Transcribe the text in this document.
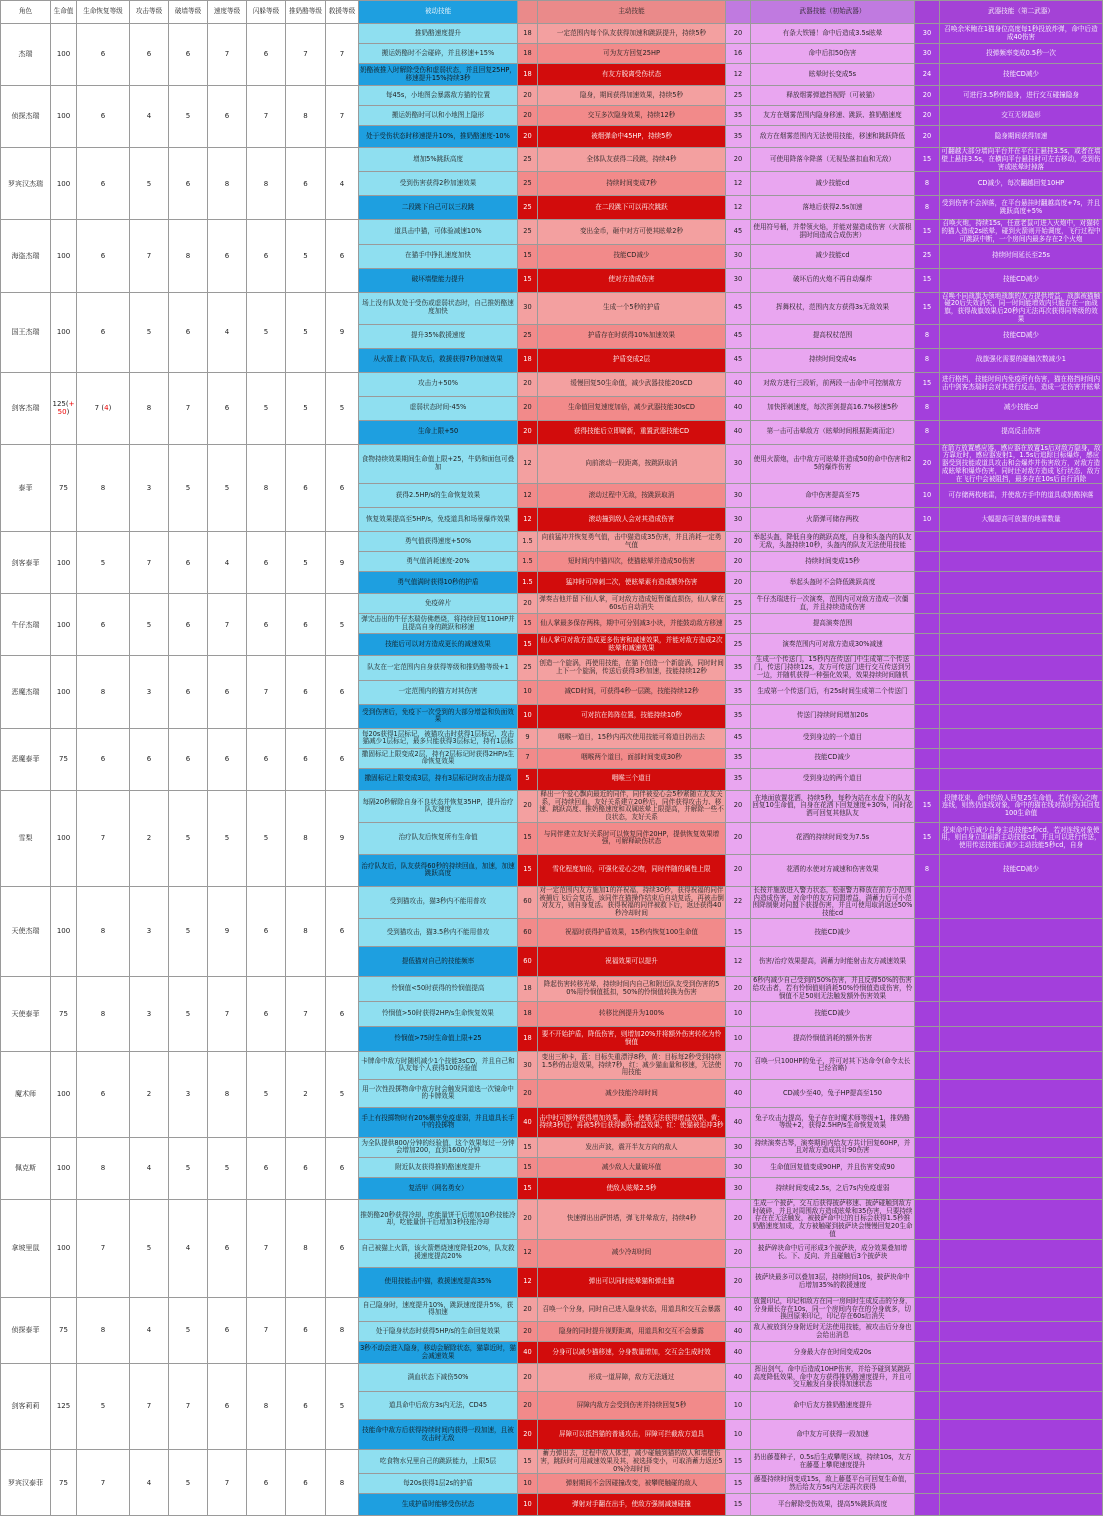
角色	生命值	生命恢复等级	攻击等级	破墙等级	速度等级	闪躲等级	推奶酪等级	救援等级	被动技能		主动技能		武器技能（初始武器）		武器技能（第二武器）
杰瑞	100	6	6	6	7	6	7	7	推奶酪速度提升	18	一定范围内每个队友获得加速和跳跃提升，持续5秒	20	有条大铁锤！命中后造成3.5s眩晕	30	召唤余米鲍在1猫身位高度每1秒投放炸弹，命中后造成40伤害
									搬运奶酪时不会碰碎，并且移速+15%	18	可为友方回复25HP	16	命中后扣50伤害	30	投弹频率变成0.5秒一次
									奶酪被推入时解除受伤和虚弱状态，并且回复25HP，移速提升15%持续3秒	18	有友方脱离受伤状态	12	眩晕时长变成5s	24	技能CD减少
侦探杰瑞	100	6	4	5	6	7	8	7	每45s，小地图会暴露敌方猫的位置	20	隐身，期间获得加速效果，持续5秒	25	释放烟雾弹遮挡视野（可被猫）	20	可进行3.5秒的隐身，进行交互碰撞隐身
									搬运奶酪时可以和小地图上隐形	20	交互多次隐身效果，持续12秒	35	友方在烟雾范围内隐身移速、跳跃、推奶酪速度	20	交互无视隐形
									处于受伤状态时移速提升10%，推奶酪速度-10%	20	被烟弹命中45HP，持续5秒	35	敌方在烟雾范围内无法使用技能，移速和跳跃降低	20	隐身期间获得加速
罗宾汉杰瑞	100	6	5	6	8	8	6	4	增加5%跳跃高度	25	全体队友获得二段跳，持续4秒	20	可使用降落伞降落（无视坠落扣血和无敌）	15	可翻越大部分墙向平台并在平台上悬挂3.5s，或者在墙壁上悬挂3.5s，在横向平台悬挂时可左右移动，受到伤害或眩晕时掉落
									受到伤害获得2秒加速效果	25	持续时间变成7秒	12	减少技能cd	8	CD减少，每次翻越回复10HP
									二段跳下自己可以三段跳	25	在二段跳下可以再次跳跃	12	落地后获得2.5s加速	8	受到伤害不会掉落，在平台悬挂时翻越高度+7s，并且跳跃高度+5%
海盗杰瑞	100	6	7	8	6	6	5	6	道具击中猫，可体验减速10%	25	变出金币，砸中对方可使其眩晕2秒	45	使用符号桶，并带领火焰，并能对猫造成伤害（火箭根据时间造成合成伤害）	15	召唤火炮，持续15s，任意老鼠可进入火炮中，对猫转的猫人造成2s眩晕，碰到火箭则开始调度，飞行过程中可跳跃中断，一个房间内最多存在2个火炮
									在猫手中挣扎速度加快	15	技能CD减少	30	减少技能cd	25	持续时间延长至25s
									破坏墙壁能力提升	15	使对方造成伤害	30	破坏后的火炮不再自动爆炸	15	技能CD减少
国王杰瑞	100	6	5	6	4	5	5	9	场上没有队友处于受伤或虚弱状态时，自己推奶酪速度加快	30	生成一个5秒的护盾	45	挥舞权杖，范围内友方获得3s无敌效果	15	召唤不同战旗为领地战旗的友方提供增益，战旗被猫触碰20后失效消失，同一时间能增效内只能存在一面战旗，获得战旗效果后20秒内无法再次获得同等级的效果
									提升35%救援速度	25	护盾存在时获得10%加速效果	45	提高权杖范围	8	技能CD减少
									从火箭上救下队友后，救援获得7秒加速效果	18	护盾变成2层	45	持续时间变成4s	8	战旗强化需要的碰触次数减少1
剑客杰瑞	125(+50)	7 (4)	8	7	6	5	5	5	攻击力+50%	20	缓慢回复50生命值，减少武器技能20sCD	40	对敌方进行三段斩，前两段一击命中可控制敌方	15	进行格挡，技能时间内免疫所有伤害，猫在格挡时间内击中剑客杰瑞时会对其进行反击，造成一定伤害并眩晕
									虚弱状态时间-45%	20	生命值回复速度加倍，减少武器技能30sCD	40	加快挥刺速度，每次挥剑提高16.7%移速5秒	8	减少技能cd
									生命上限+50	20	获得技能后立即刷新，重置武器技能CD	40	第一击可击晕敌方（眩晕时间根据距离而定）	8	提高反击伤害
泰菲	75	8	3	5	5	8	6	6	食物持续效果期间生命值上限+25，牛奶和面包可叠加	12	向前滚动一段距离，按跳跃取消	30	使用火箭炮，击中敌方可眩晕并造成50的命中伤害和25的爆炸伤害	20	在箭方放置感应器，感应器在放置1s后对敌方隐身，敌方靠近时，感应器发射1，1.5s后追踪目标爆炸，感应器受到技能或道具攻击和会爆炸并伤害敌方，对敌方造成眩晕和爆炸伤害，同时还对敌方造成飞行状态，敌方在飞行中会被阻挡，最多存在10s后自行消除
									获得2.5HP/s的生命恢复效果	12	滚动过程中无敌，按跳跃取消	30	命中伤害提高至75	10	可存储两枚地雷，并使敌方手中的道具或奶酪掉落
									恢复效果提高至5HP/s，免疫道具和场景爆炸效果	12	滚动撞到敌人会对其造成伤害	30	火箭弹可储存两枚	10	大幅提高可放置的地雷数量
剑客泰菲	100	5	7	6	4	6	5	9	勇气值获得速度+50%	1.5	向前猛冲并恢复勇气值，击中猫造成35伤害，并且消耗一定勇气值	20	举起头盔，降低自身的跳跃高度，自身和头盔内的队友无敌，头盔持续10秒，头盔内的队友无法使用技能		
									勇气值消耗速度-20%	1.5	短时间内中猫四次，使猫眩晕并造成50伤害	20	持续时间变成15秒		
									勇气值满时获得10秒的护盾	1.5	猛冲时可冲刺二次，使眩晕素有造成额外伤害	20	举起头盔时不会降低跳跃高度		
牛仔杰瑞	100	6	5	6	7	6	6	5	免疫碎片	20	弹奏吉他并留下仙人掌，可对敌方造成短暂僵直损伤，仙人掌在60s后自动消失	25	牛仔杰瑞进行一次演奏，范围内可对敌方造成一次僵直，并且持续造成伤害		
									弹完击出的牛仔杰瑞仿佛燃烧，将持续回复110HP并且提高自身的跳跃和移速	15	仙人掌最多保存两株，期中可分别减3小块，并能鼓动敌方移速	25	提高演奏范围		
									技能后可以对方造成更长的减速效果	15	仙人掌可对敌方造成更多伤害和减速效果，并能对敌方造成2次眩晕和减速效果	25	演奏范围内可对敌方造成30%减速		
恶魔杰瑞	100	8	3	6	6	7	6	6	队友在一定范围内自身获得等级和推奶酪等级+1	25	创造一个旋涡，再使用技能，在猫下创造一个新旋涡，同时时间上下一个旋涡，传送后获得3秒加速，技能持续12秒	35	生成一个传送门，15秒内在传送门中生成第二个传送门，传送门持续12s，友方可传送门进行交互传送到另一边，并随机获得一种强化效果，效果持续时间随机		
									一定范围内的猫方对其伤害	10	减CD时间，可获得4秒一层跳，技能持续12秒	35	生成第一个传送门后，有25s时间生成第二个传送门		
									受到伤害后，免疫下一次受到的大部分增益和负面效果	10	可对抗在阵阵位置，技能持续10秒	35	传送门持续时间增加20s		
恶魔泰菲	75	6	6	6	6	6	6	6	每20s获得1层标记，被猫攻击时获得1层标记，攻击猫减少1层标记，最多只能获得3层标记，持有1层标	9	咽喉一道目，15秒内再次使用技能可将道目扔出去	45	受到身边的一个道目		
									撒固标记上限变成2层，持有2层标记时获得2HP/s生命恢复效果	7	咽喉两个道目，面部时间变成30秒	35	技能CD减少		
									撒固标记上限变成3层，持有3层标记时攻击力提高	5	咽喉三个道目	35	受到身边的两个道目		
雪梨	100	7	2	5	5	5	8	9	每隔20秒解除自身不良状态并恢复35HP，提升治疗队友速度	20	释出一个爱心飘向最近的同伴，同伴被爱心会5秒紧随立友友关系，可持续回血，友好关系建立20秒后，同伴获得攻击力、移速、跳跃高度、推奶酪速度和双属眩晕上限提高，并解除一些不良状态，友好关系	20	在地面放置花洒，持续5秒，每秒为站在水盘下的队友回复10生命值，自身在花洒下回复速度+30%，同时花洒可回复其他队友	15	投牌花束，命中的敌人回复25生命值，若有爱心之吻连线，则然仍连线对象，命中的猫在线对敌时为其回复100生命值
									治疗队友后恢复所有生命值	15	与同伴建立友好关系时可以恢复同伴20HP，提供恢复效果增强，可解释缺伤状态	20	花洒的持续时间变为7.5s	15	花束命中后减少自身主动技能5秒cd，若对连线对象使用，则自身立即刷新主动技能cd，并且可以进行传送，使用传送技能后减少主动技能5秒cd，自身
									治疗队友后，队友获得60秒的持续回血，加速，加速跳跃高度	15	雪化程度加倍，可强化爱心之吻，同时伴随的属性上限	20	花洒的水使对方减速和伤害效果	8	技能CD减少
天使杰瑞	100	8	3	5	9	6	8	6	受到猫攻击，猫3秒内不能用普攻	60	对一定范围内友方施加1的祥祝福，持续30秒，获得祝福的同伴被捕后飞后会复活，该同伴在猫操作结束后自动复活，再被击倒对友方，则自身复活。获得祝福的同伴被救下后，返还获得40秒冷却时间	22	长按并施放进入警力状态，松驱警力释放在前方小范围内造成伤害，对命中的友方同盟增益，满蓄力后可小范围降制聚对同盟下获提伤害，并且可使用取消返还50%技能cd		
									受到猫攻击，猫3.5秒内不能用普攻	60	祝福时获得护盾效果，15秒内恢复100生命值	15	技能CD减少		
									提低猫对自己的技能频率	60	祝福效果可以提升	12	伤害/治疗效果提高，满蓄力时能射击友方减速效果		
天使泰菲	75	8	3	5	7	6	7	6	怜悯值<50时获得的怜悯值提高	18	降起伤害转移光晕，持续时间内自己和附近队友受到伤害的50%用怜悯值抵扣，50%的怜悯值转换为伤害	20	6秒内减少自己受到的50%伤害，并且反弹50%的伤害给攻击者，若有怜悯值则消耗50%怜悯值造成伤害，怜悯值不足50则无法触发额外伤害效果		
									怜悯值>50时获得2HP/s生命恢复效果	18	转移比例提升为100%	10	技能CD减少		
									怜悯值>75时生命值上限+25	18	要不开始护盾，降低伤害，则增加20%并将额外伤害转化为怜悯值	10	提高怜悯值消耗的额外伤害		
魔术师	100	6	2	3	8	5	2	5	卡牌命中敌方时随机减少1个技能3sCD，并且自己和队友每个人获得100经验值	30	变出三种卡，蓝：目标失重漂浮8秒，黄：目标每2秒受到持续1.5秒的击退效果，持续7秒，红：减少猫血量和移速，无法使用技能	70	召唤一只100HP的兔子，并可对其下达命令(命令太长已经省略)		
									用一次性投掷物命中敌方时会触发同道选一次镜命中的卡牌效果	20	减少技能冷却时间	40	CD减少至40，兔子HP提高至150		
									手上有投掷物时有20%概率免疫虚弱，并且道具长手中的投掷物	40	击中时可额外获得增加效果，蓝：使猫无法获得增益效果，黄：持续3秒后，再被5秒后获得额外增益效果，红：使猫被迫冲3秒	40	兔子攻击力提高，兔子存在时魔术师等级+1，推奶酪等级+2，获得2.5HP/s生命恢复效果		
佩克斯	100	8	4	5	5	6	6	6	为全队提供800/分钟的经验值，这个效果每过一分钟会增加200，直到1600/分钟	15	发出声波，震开半友方向的敌人	30	持续演奏古琴，演奏期间内给友方共计回复60HP，并且对敌方造成共计90伤害		
									附近队友获得推奶酪速度提升	15	减少敌人大量破坏值	30	生命值回复值变成90HP，并且伤害变成90		
									复活甲（网名勇女）	15	使敌人眩晕2.5秒	30	持续时间变成2.5s，之后7s内免疫虚弱		
拿坡里鼠	100	7	5	4	6	7	8	6	推奶酪20秒获得冷却，吃能量饼干后增加10秒技能冷却，吃能量饼干后增加3秒技能冷却	20	快速弹出出萨饼塔，弹飞并晕敌方，持续4秒	20	生成一个披萨，交互后获得披萨移速、披萨碰触到敌方时破碎，并且对周围敌方造成眩晕和35伤害，只要持续存在在无法触发，被披萨命中过的目标会获得1.5秒推奶酪速度加成，友方被触碰到披萨块会慢慢回复20生命值		
									自己被猫上火箭，该火箭燃烧速度降低20%，队友救援速度提高20%	12	减少冷却时间	20	披萨碎块命中后可形成3个披萨块，成分效果叠加增长。下、反向、并且碰触后3个披萨块		
									使用技能击中猫，救援速度提高35%	12	弹出可以同时眩晕猫和弹走猫	20	披萨块最多可以叠加3层，持续时间10s，披萨块命中后增加35%的救援速度		
侦探泰菲	75	8	4	5	6	7	6	8	自己隐身时，速度提升10%，跳跃速度提升5%，获得加速	20	召唤一个分身，同时自己进入隐身状态，用道具和交互会暴露	40	放置印记，印记和敌方在同一房间时生成反击的分身，分身最长存在10s，同一个房间内存在的分身就多，切换回原来印记，印记存在60s后消失		
									处于隐身状态时获得5HP/s的生命回复效果	20	隐身的同时提升视野距离，用道具和交互不会暴露	40	敌人被放到分身附近时无法使用技能，被攻击后分身也会给出消息		
									3秒不动会进入隐身，移动会解除状态，猫靠近时，猫会减速效果	40	分身可以减少猫移速，分身数量增加，交互会生成时效	40	分身最大存在时间变成20s		
剑客莉莉	125	5	7	7	6	8	6	5	满血状态下减伤50%	20	形成一道屏障，敌方无法通过	40	挥出剑气，命中后造成10HP伤害，并给予碰到某跳跃高度降低效果，命中友方获得推奶酪速度提升，并且可交互触发自身获得加速状态		
									道具命中后敌方3s内无法，CD45	20	屏障内敌方会受到伤害并持续回复5秒	10	命中后友方推奶酪速度提升		
									技能命中敌方后获得持续时间内获得一段加速，且被攻击时无敌	20	屏障可以抵挡猫的普通攻击，屏障可拦截敌方道具	10	命中友方可获得一段加速		
罗宾汉泰菲	75	7	4	5	7	6	6	8	吃食物水兄里自己的跳跃能力，上限5层	15	蓄力弹出去，过程中敌人体型，减少碰触到猫的敌人和墙壁伤害，跳跃时可用减速效果及其，被选择变小，可取消蓄力返还50%冷却时间	15	扔出藤蔓种子，0.5s后生成攀爬区域，持续10s，友方在藤蔓上攀爬速度提升		
									每20s获得1层2s的护盾	10	弹射期间不会因碰撞改变，被攀爬触碰的敌人	15	藤蔓持续时间变成15s，敌上藤蔓平台可回复生命值，然后给友方5s内无法再次获得		
									生成护盾时能够受伤状态	10	弹射对手翻在出手，使敌方强制减速碰撞	15	平台解除受伤效果，提高5%跳跃高度		
